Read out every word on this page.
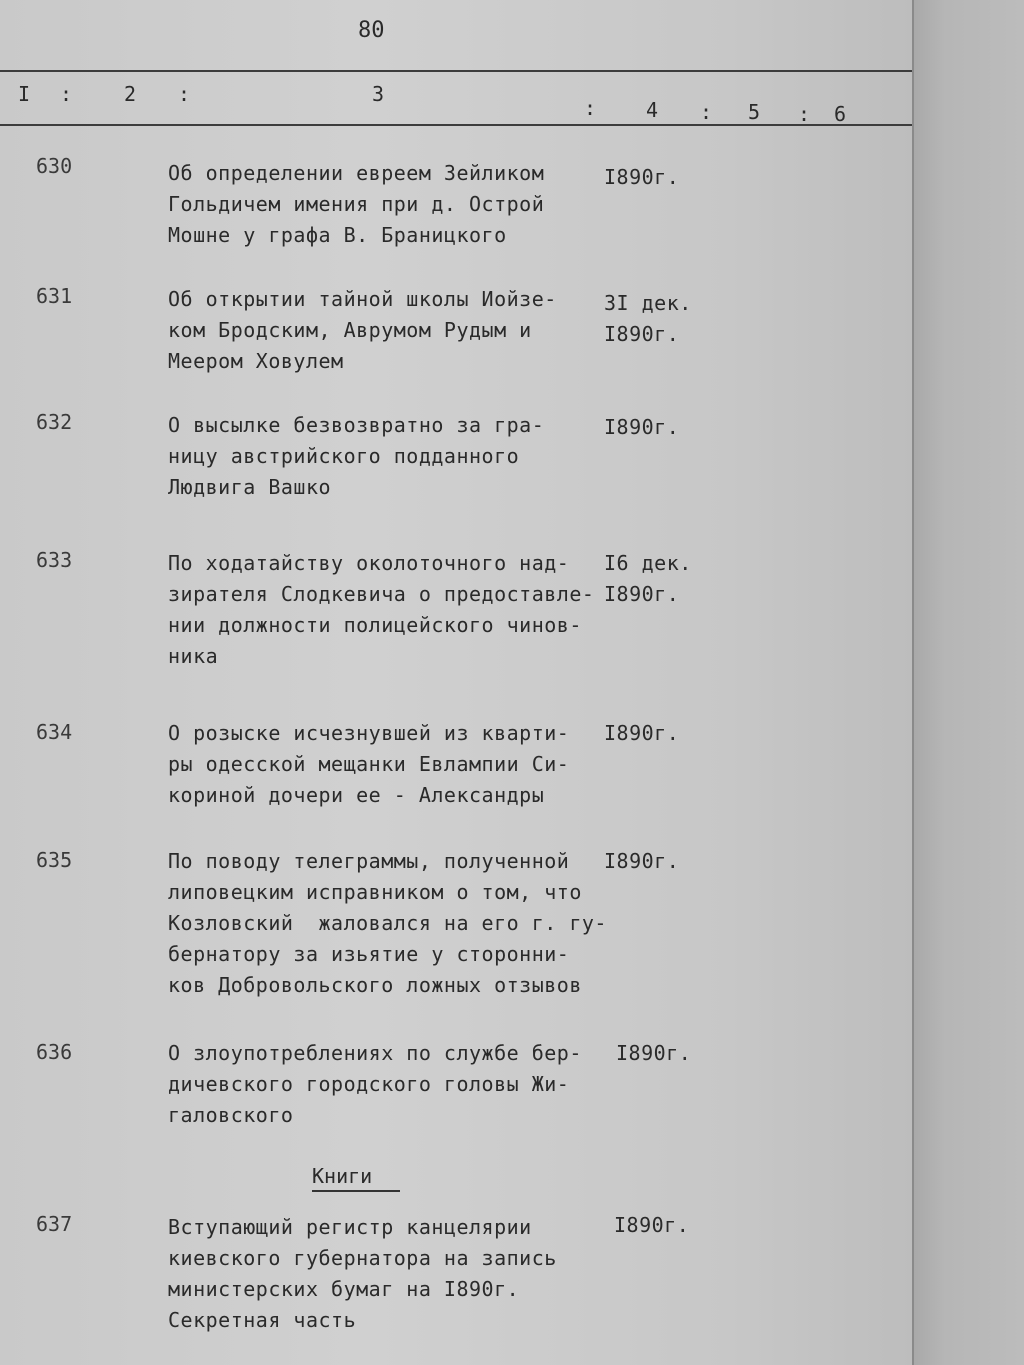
80
I :	2 :	3
: 4 : 5 : 6
630	Об определении евреем Зейликом
Гольдичем имения при д. Острой
Мошне у графа В. Браницкого
I890г.
631	Об открытии тайной школы Иойзе-
ком Бродским, Аврумом Рудым и
Меером Ховулем
3I дек.
I890г.
632	О высылке безвозвратно за гра-
ницу австрийского подданного
Людвига Вашко
I890г.
633	По ходатайству околоточного над-
зирателя Слодкевича о предоставле-
нии должности полицейского чинов-
ника
I6 дек.
I890г.
634	О розыске исчезнувшей из кварти-
ры одесской мещанки Евлампии Си-
кориной дочери ее - Александры
I890г.
635	По поводу телеграммы, полученной
липовецким исправником о том, что
Козловский  жаловался на его г. гу-
бернатору за изьятие у сторонни-
ков Добровольского ложных отзывов
I890г.
636	О злоупотреблениях по службе бер-
дичевского городского головы Жи-
галовского
I890г.
Книги
637	Вступающий регистр канцелярии
киевского губернатора на запись
министерских бумаг на I890г.
Секретная часть
I890г.
